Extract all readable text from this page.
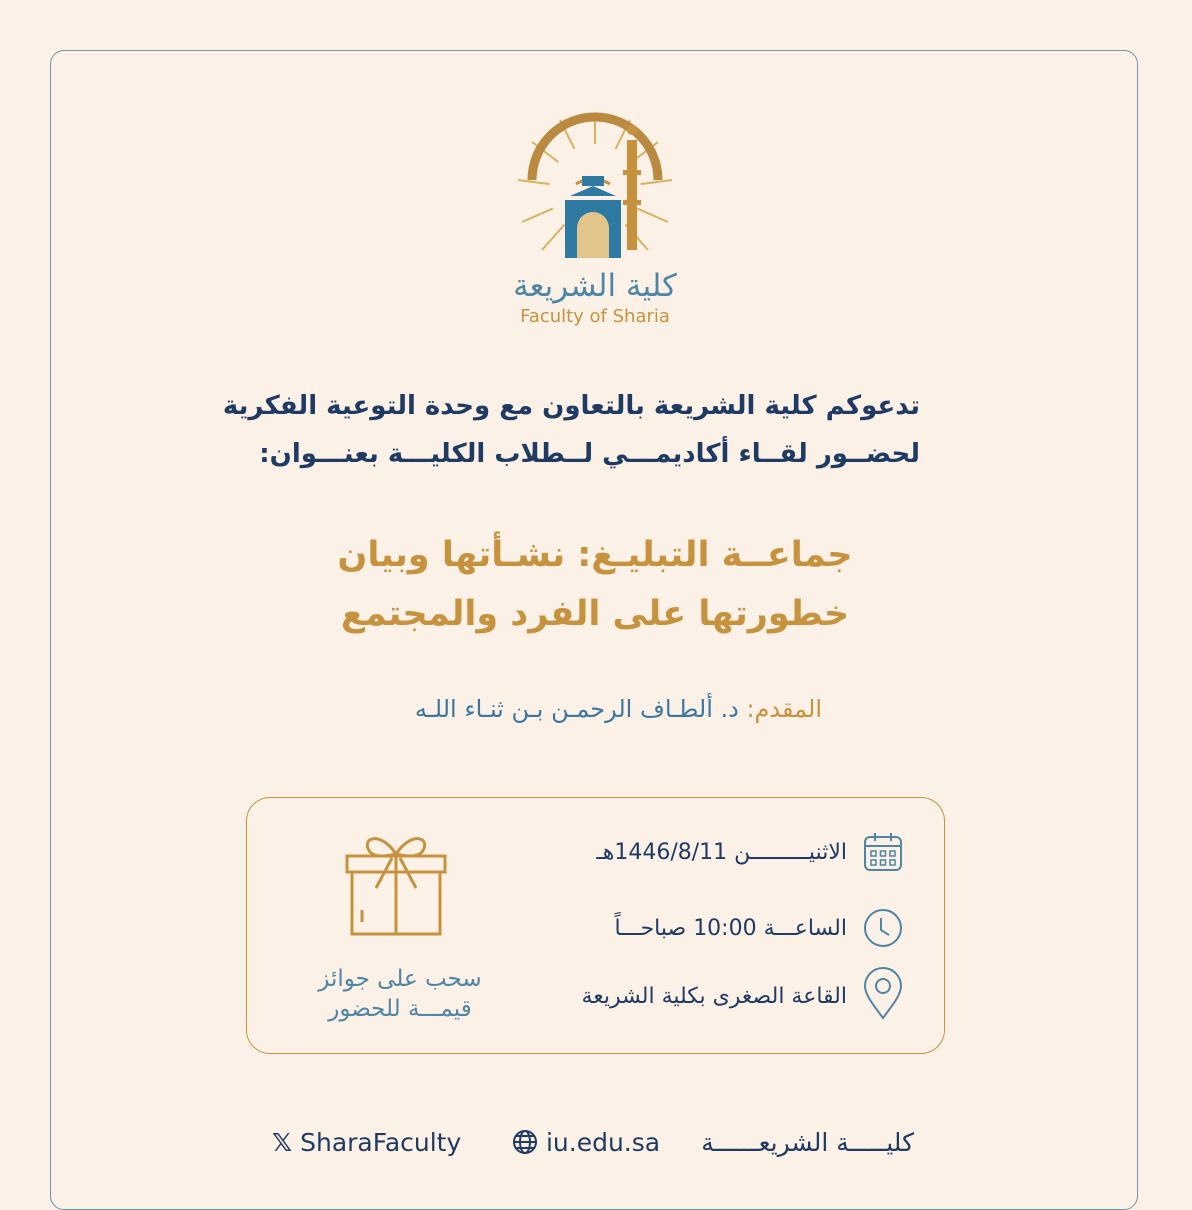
كلية الشريعة
Faculty of Sharia
تدعوكم كلية الشريعة بالتعاون مع وحدة التوعية الفكرية
لحضــور لقــاء أكاديمـــي لــطلاب الكليـــة بعنـــوان:
جماعــة التبليـغ: نشـأتها وبيان
خطورتها على الفرد والمجتمع
المقدم: د. ألطـاف الرحمـن بـن ثنـاء اللـه
الاثنيـــــــــن 1446/8/11هـ
الساعـــة 10:00 صباحـــاً
القاعة الصغرى بكلية الشريعة
سحب على جوائز
قيمـــة للحضور
𝕏 SharaFaculty	iu.edu.sa	كليـــــة الشريعــــــة
